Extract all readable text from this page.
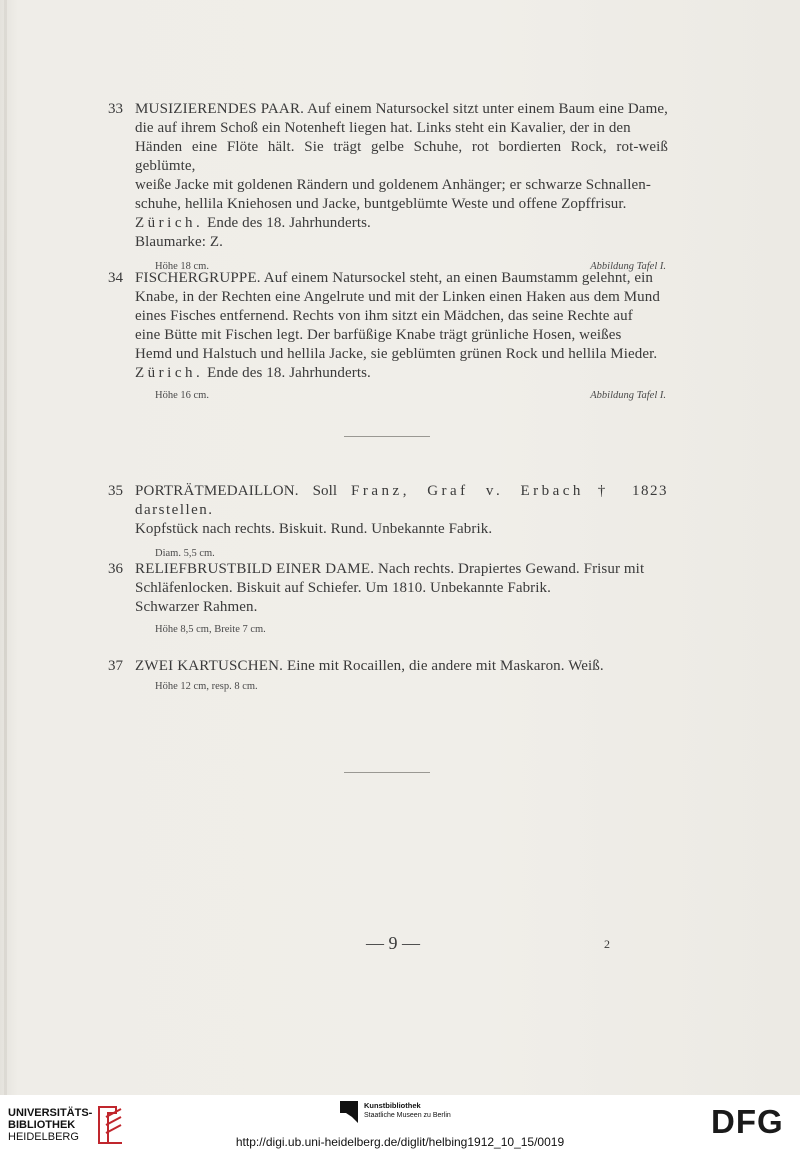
33 MUSIZIERENDES PAAR. Auf einem Natursockel sitzt unter einem Baum eine Dame,
die auf ihrem Schoß ein Notenheft liegen hat. Links steht ein Kavalier, der in den
Händen eine Flöte hält. Sie trägt gelbe Schuhe, rot bordierten Rock, rot-weiß geblümte,
weiße Jacke mit goldenen Rändern und goldenem Anhänger; er schwarze Schnallen-
schuhe, hellila Kniehosen und Jacke, buntgeblümte Weste und offene Zopffrisur.
Zürich. Ende des 18. Jahrhunderts.
Blaumarke: Z.
Höhe 18 cm.	Abbildung Tafel I.
34 FISCHERGRUPPE. Auf einem Natursockel steht, an einen Baumstamm gelehnt, ein
Knabe, in der Rechten eine Angelrute und mit der Linken einen Haken aus dem Mund
eines Fisches entfernend. Rechts von ihm sitzt ein Mädchen, das seine Rechte auf
eine Bütte mit Fischen legt. Der barfüßige Knabe trägt grünliche Hosen, weißes
Hemd und Halstuch und hellila Jacke, sie geblümten grünen Rock und hellila Mieder.
Zürich. Ende des 18. Jahrhunderts.
Höhe 16 cm.	Abbildung Tafel I.
35 PORTRÄTMEDAILLON. Soll Franz, Graf v. Erbach † 1823 darstellen.
Kopfstück nach rechts. Biskuit. Rund. Unbekannte Fabrik.
Diam. 5,5 cm.
36 RELIEFBRUSTBILD EINER DAME. Nach rechts. Drapiertes Gewand. Frisur mit
Schläfenlocken. Biskuit auf Schiefer. Um 1810. Unbekannte Fabrik.
Schwarzer Rahmen.
Höhe 8,5 cm, Breite 7 cm.
37 ZWEI KARTUSCHEN. Eine mit Rocaillen, die andere mit Maskaron. Weiß.
Höhe 12 cm, resp. 8 cm.
— 9 —	2
UNIVERSITÄTS-
BIBLIOTHEK
HEIDELBERG
Kunstbibliothek
Staatliche Museen zu Berlin	DFG
http://digi.ub.uni-heidelberg.de/diglit/helbing1912_10_15/0019
